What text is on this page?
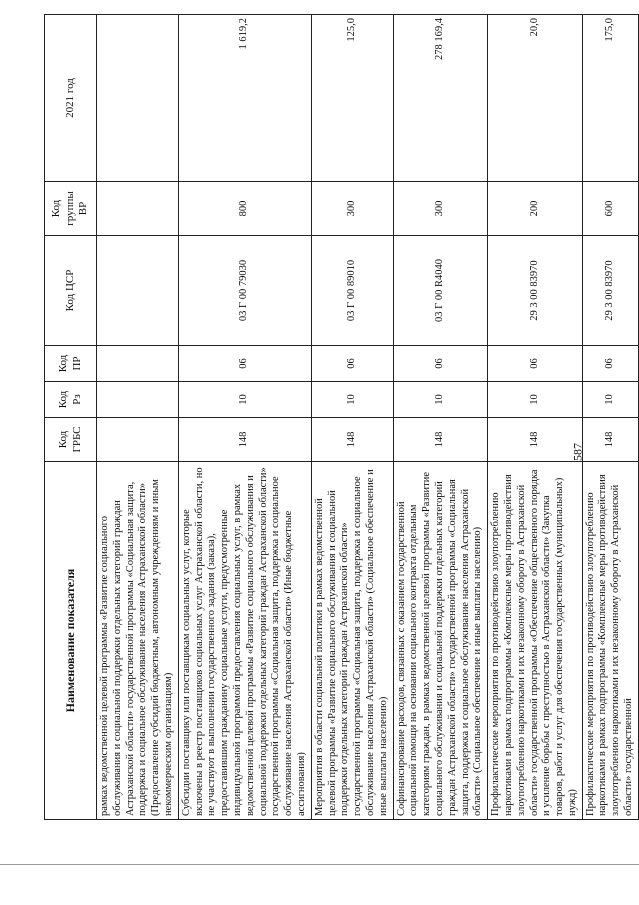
587
Наименование показателя	Код ГРБС	Код Рз	Код ПР	Код ЦСР	Код группы ВР	2021 год
рамках ведомственной целевой программы «Развитие социального обслуживания и социальной поддержки отдельных категорий граждан Астраханской области» государственной программы «Социальная защита, поддержка и социальное обслуживание населения Астраханской области» (Предоставление субсидий бюджетным, автономным учреждениям и иным некоммерческим организациям)						
Субсидии поставщику или поставщикам социальных услуг, которые включены в реестр поставщиков социальных услуг Астраханской области, но не участвуют в выполнении государственного задания (заказа), предоставившим гражданину социальные услуги, предусмотренные индивидуальной программой предоставления социальных услуг, в рамках ведомственной целевой программы «Развитие социального обслуживания и социальной поддержки отдельных категорий граждан Астраханской области» государственной программы «Социальная защита, поддержка и социальное обслуживание населения Астраханской области» (Иные бюджетные ассигнования)	148	10	06	03 Г 00 79030	800	1 619,2
Мероприятия в области социальной политики в рамках ведомственной целевой программы «Развитие социального обслуживания и социальной поддержки отдельных категорий граждан Астраханской области» государственной программы «Социальная защита, поддержка и социальное обслуживание населения Астраханской области» (Социальное обеспечение и иные выплаты населению)	148	10	06	03 Г 00 89010	300	125,0
Софинансирование расходов, связанных с оказанием государственной социальной помощи на основании социального контракта отдельным категориям граждан, в рамках ведомственной целевой программы «Развитие социального обслуживания и социальной поддержки отдельных категорий граждан Астраханской области» государственной программы «Социальная защита, поддержка и социальное обслуживание населения Астраханской области» (Социальное обеспечение и иные выплаты населению)	148	10	06	03 Г 00 R4040	300	278 169,4
Профилактические мероприятия по противодействию злоупотреблению наркотиками в рамках подпрограммы «Комплексные меры противодействия злоупотреблению наркотиками и их незаконному обороту в Астраханской области» государственной программы «Обеспечение общественного порядка и усиление борьбы с преступностью в Астраханской области» (Закупка товаров, работ и услуг для обеспечения государственных (муниципальных) нужд)	148	10	06	29 3 00 83970	200	20,0
Профилактические мероприятия по противодействию злоупотреблению наркотиками в рамках подпрограммы «Комплексные меры противодействия злоупотреблению наркотиками и их незаконному обороту в Астраханской области» государственной	148	10	06	29 3 00 83970	600	175,0
